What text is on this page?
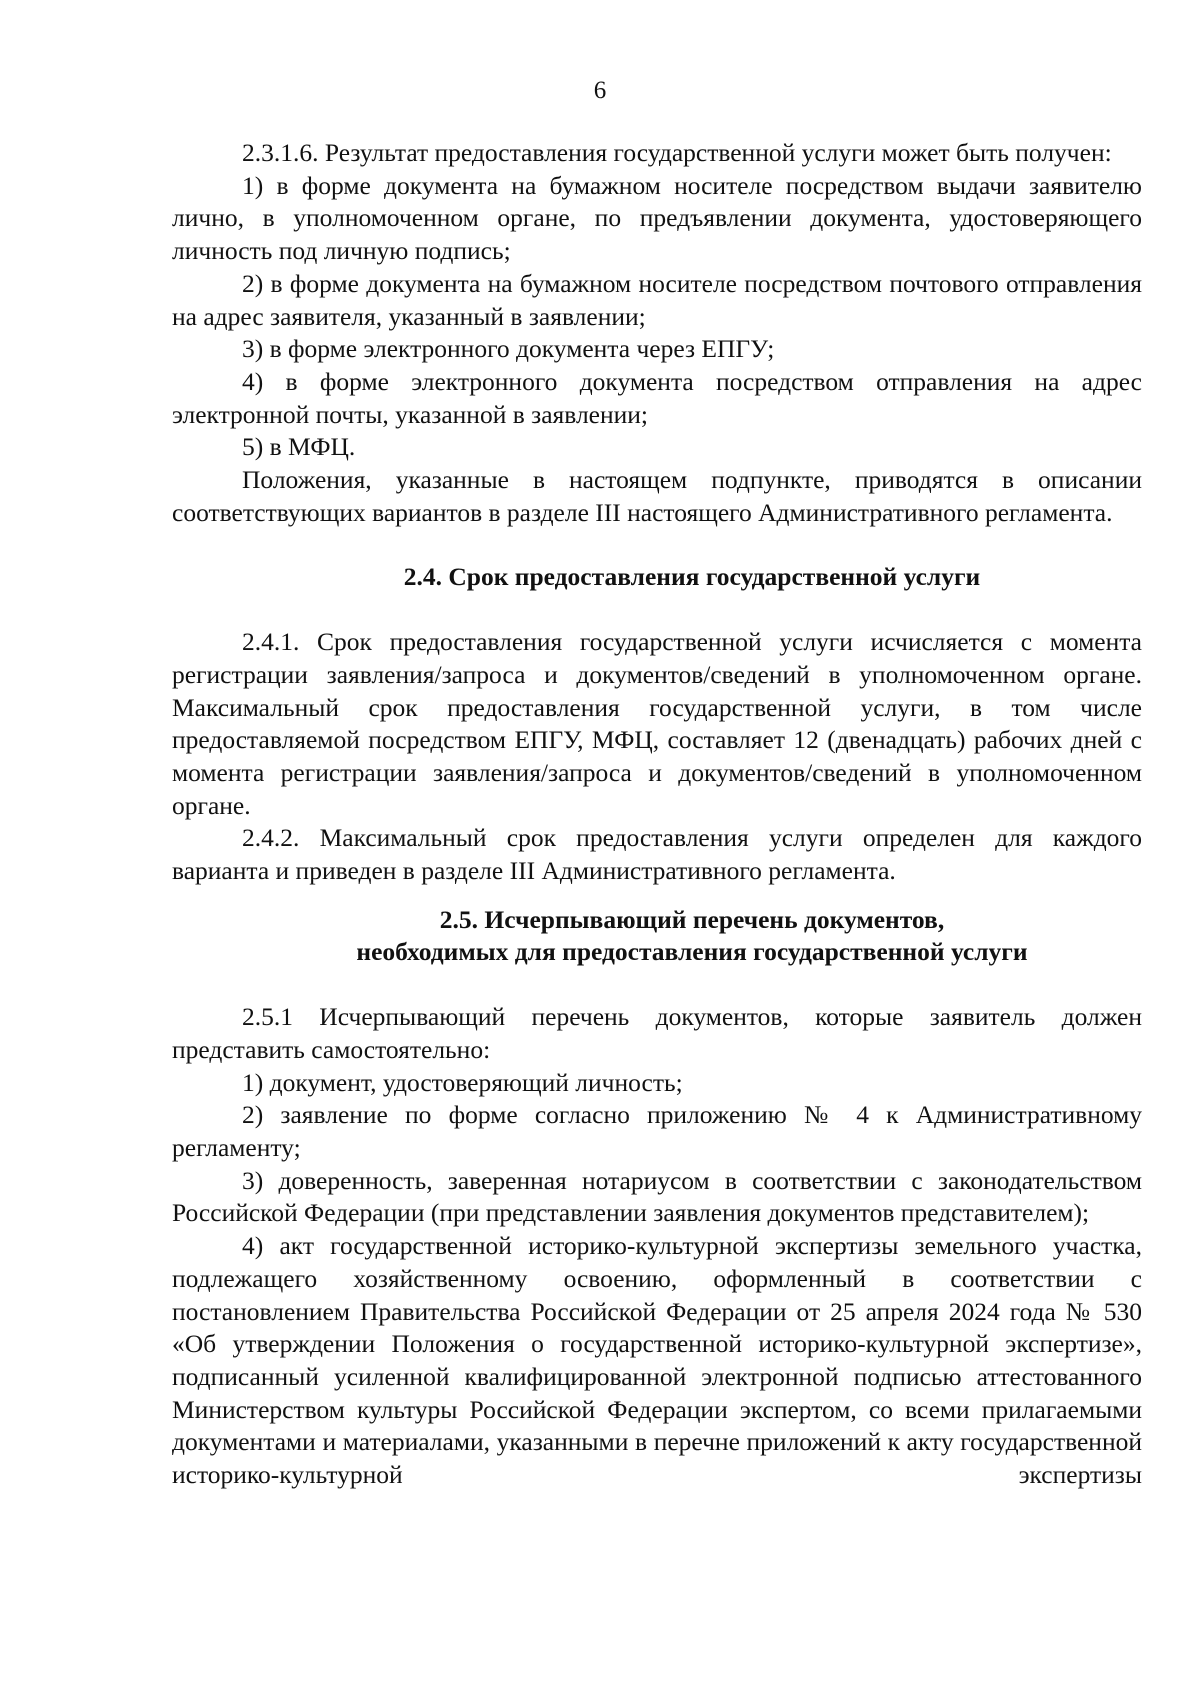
6

2.3.1.6. Результат предоставления государственной услуги может быть получен:

1) в форме документа на бумажном носителе посредством выдачи заявителю лично, в уполномоченном органе, по предъявлении документа, удостоверяющего личность под личную подпись;

2) в форме документа на бумажном носителе посредством почтового отправления на адрес заявителя, указанный в заявлении;

3) в форме электронного документа через ЕПГУ;

4) в форме электронного документа посредством отправления на адрес электронной почты, указанной в заявлении;

5) в МФЦ.

Положения, указанные в настоящем подпункте, приводятся в описании соответствующих вариантов в разделе III настоящего Административного регламента.

2.4. Срок предоставления государственной услуги

2.4.1. Срок предоставления государственной услуги исчисляется с момента регистрации заявления/запроса и документов/сведений в уполномоченном органе. Максимальный срок предоставления государственной услуги, в том числе предоставляемой посредством ЕПГУ, МФЦ, составляет 12 (двенадцать) рабочих дней с момента регистрации заявления/запроса и документов/сведений в уполномоченном органе.

2.4.2. Максимальный срок предоставления услуги определен для каждого варианта и приведен в разделе III Административного регламента.

2.5. Исчерпывающий перечень документов,
необходимых для предоставления государственной услуги

2.5.1 Исчерпывающий перечень документов, которые заявитель должен представить самостоятельно:

1) документ, удостоверяющий личность;

2) заявление по форме согласно приложению № 4 к Административному регламенту;

3) доверенность, заверенная нотариусом в соответствии с законодательством Российской Федерации (при представлении заявления документов представителем);

4) акт государственной историко-культурной экспертизы земельного участка, подлежащего хозяйственному освоению, оформленный в соответствии с постановлением Правительства Российской Федерации от 25 апреля 2024 года № 530 «Об утверждении Положения о государственной историко-культурной экспертизе», подписанный усиленной квалифицированной электронной подписью аттестованного Министерством культуры Российской Федерации экспертом, со всеми прилагаемыми документами и материалами, указанными в перечне приложений к акту государственной историко-культурной экспертизы
